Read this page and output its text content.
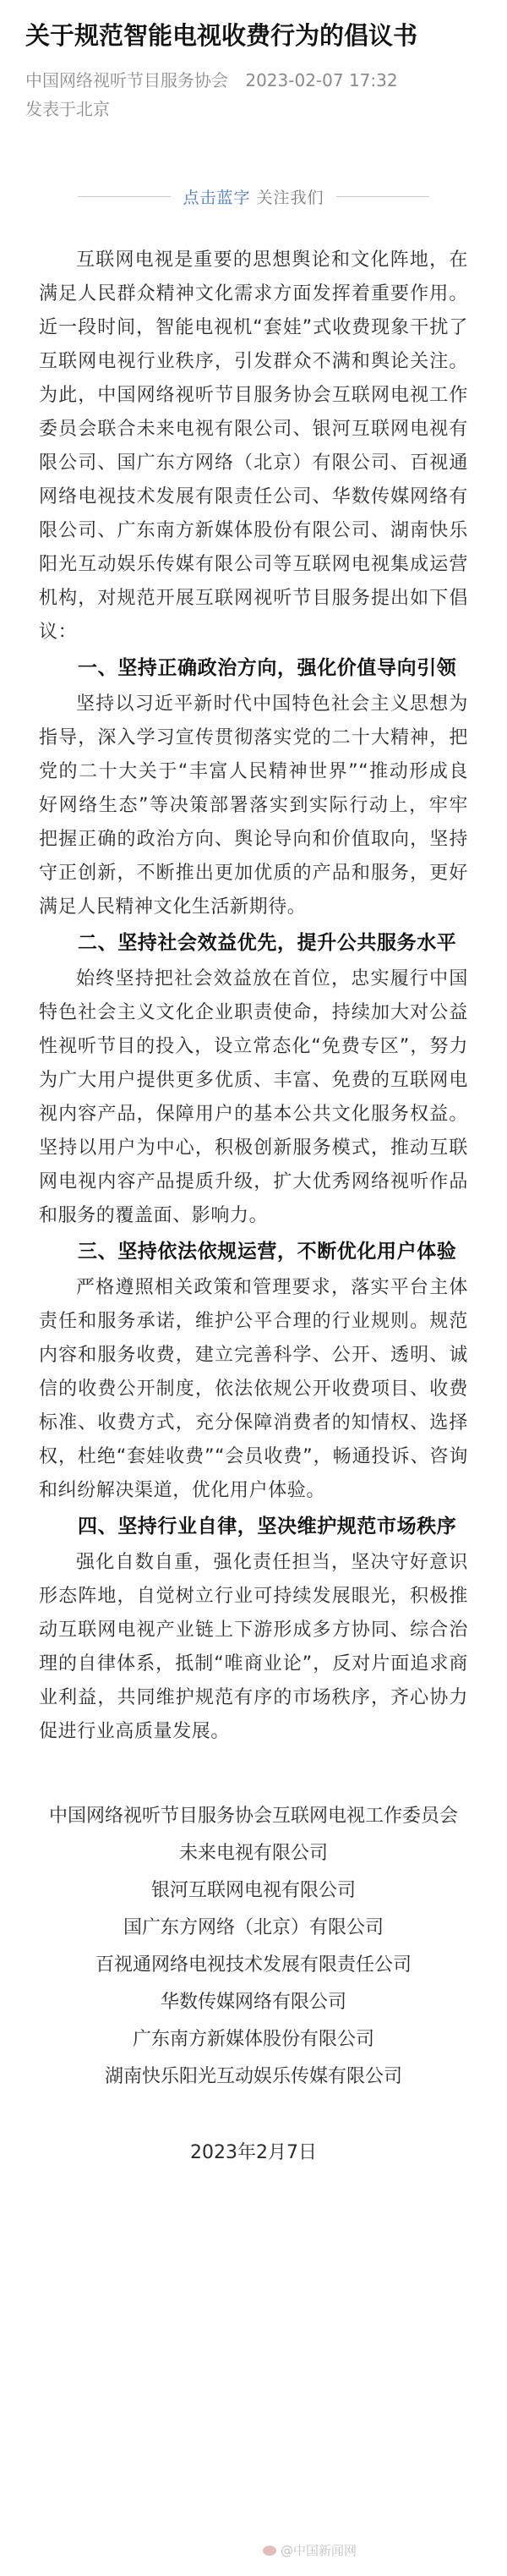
关于规范智能电视收费行为的倡议书
中国网络视听节目服务协会 2023-02-07 17:32
发表于北京
点击蓝字 关注我们

互联网电视是重要的思想舆论和文化阵地，在满足人民群众精神文化需求方面发挥着重要作用。近一段时间，智能电视机“套娃”式收费现象干扰了互联网电视行业秩序，引发群众不满和舆论关注。为此，中国网络视听节目服务协会互联网电视工作委员会联合未来电视有限公司、银河互联网电视有限公司、国广东方网络（北京）有限公司、百视通网络电视技术发展有限责任公司、华数传媒网络有限公司、广东南方新媒体股份有限公司、湖南快乐阳光互动娱乐传媒有限公司等互联网电视集成运营机构，对规范开展互联网视听节目服务提出如下倡议：

一、坚持正确政治方向，强化价值导向引领

坚持以习近平新时代中国特色社会主义思想为指导，深入学习宣传贯彻落实党的二十大精神，把党的二十大关于“丰富人民精神世界”“推动形成良好网络生态”等决策部署落实到实际行动上，牢牢把握正确的政治方向、舆论导向和价值取向，坚持守正创新，不断推出更加优质的产品和服务，更好满足人民精神文化生活新期待。

二、坚持社会效益优先，提升公共服务水平

始终坚持把社会效益放在首位，忠实履行中国特色社会主义文化企业职责使命，持续加大对公益性视听节目的投入，设立常态化“免费专区”，努力为广大用户提供更多优质、丰富、免费的互联网电视内容产品，保障用户的基本公共文化服务权益。坚持以用户为中心，积极创新服务模式，推动互联网电视内容产品提质升级，扩大优秀网络视听作品和服务的覆盖面、影响力。

三、坚持依法依规运营，不断优化用户体验

严格遵照相关政策和管理要求，落实平台主体责任和服务承诺，维护公平合理的行业规则。规范内容和服务收费，建立完善科学、公开、透明、诚信的收费公开制度，依法依规公开收费项目、收费标准、收费方式，充分保障消费者的知情权、选择权，杜绝“套娃收费”“会员收费”，畅通投诉、咨询和纠纷解决渠道，优化用户体验。

四、坚持行业自律，坚决维护规范市场秩序

强化自数自重，强化责任担当，坚决守好意识形态阵地，自觉树立行业可持续发展眼光，积极推动互联网电视产业链上下游形成多方协同、综合治理的自律体系，抵制“唯商业论”，反对片面追求商业利益，共同维护规范有序的市场秩序，齐心协力促进行业高质量发展。

中国网络视听节目服务协会互联网电视工作委员会
未来电视有限公司
银河互联网电视有限公司
国广东方网络（北京）有限公司
百视通网络电视技术发展有限责任公司
华数传媒网络有限公司
广东南方新媒体股份有限公司
湖南快乐阳光互动娱乐传媒有限公司
2023年2月7日
@中国新闻网
